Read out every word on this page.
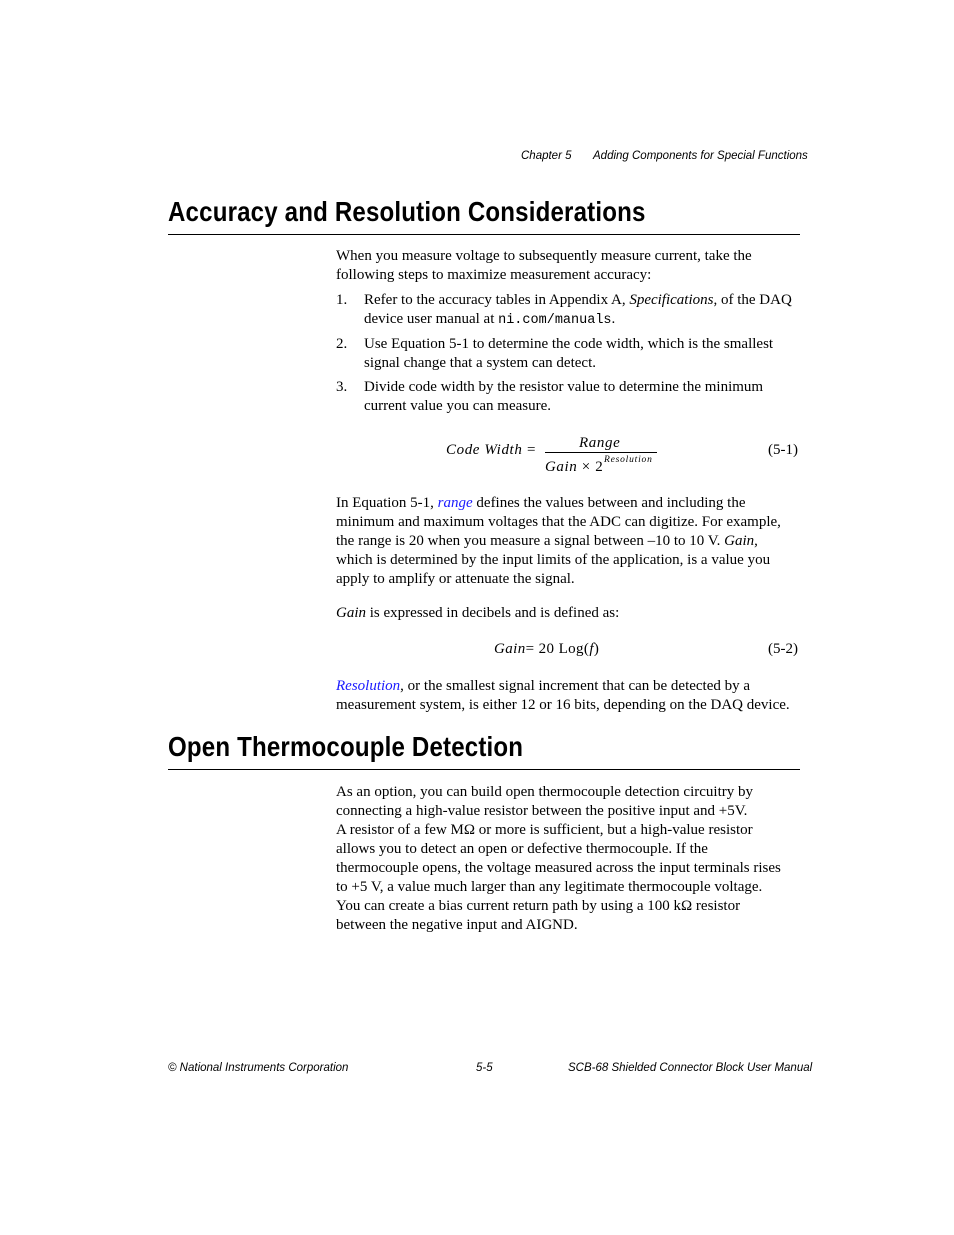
Chapter 5 Adding Components for Special Functions
Accuracy and Resolution Considerations

When you measure voltage to subsequently measure current, take the

following steps to maximize measurement accuracy:

1. Refer to the accuracy tables in Appendix A, Specifications, of the DAQ
device user manual at ni.com/manuals.
2. Use Equation 5-1 to determine the code width, which is the smallest
signal change that a system can detect.
3. Divide code width by the resistor value to determine the minimum
current value you can measure.
Code Width =	Range
Gain × 2 Resolution
(5-1)

In Equation 5-1, range defines the values between and including the

minimum and maximum voltages that the ADC can digitize. For example,

the range is 20 when you measure a signal between –10 to 10 V. Gain,

which is determined by the input limits of the application, is a value you

apply to amplify or attenuate the signal.

Gain is expressed in decibels and is defined as:

Gain= 20 Log(f)	(5-2)

Resolution, or the smallest signal increment that can be detected by a

measurement system, is either 12 or 16 bits, depending on the DAQ device.

Open Thermocouple Detection

As an option, you can build open thermocouple detection circuitry by

connecting a high-value resistor between the positive input and +5V.

A resistor of a few MΩ or more is sufficient, but a high-value resistor

allows you to detect an open or defective thermocouple. If the

thermocouple opens, the voltage measured across the input terminals rises

to +5 V, a value much larger than any legitimate thermocouple voltage.

You can create a bias current return path by using a 100 kΩ resistor

between the negative input and AIGND.

© National Instruments Corporation	5-5	SCB-68 Shielded Connector Block User Manual
